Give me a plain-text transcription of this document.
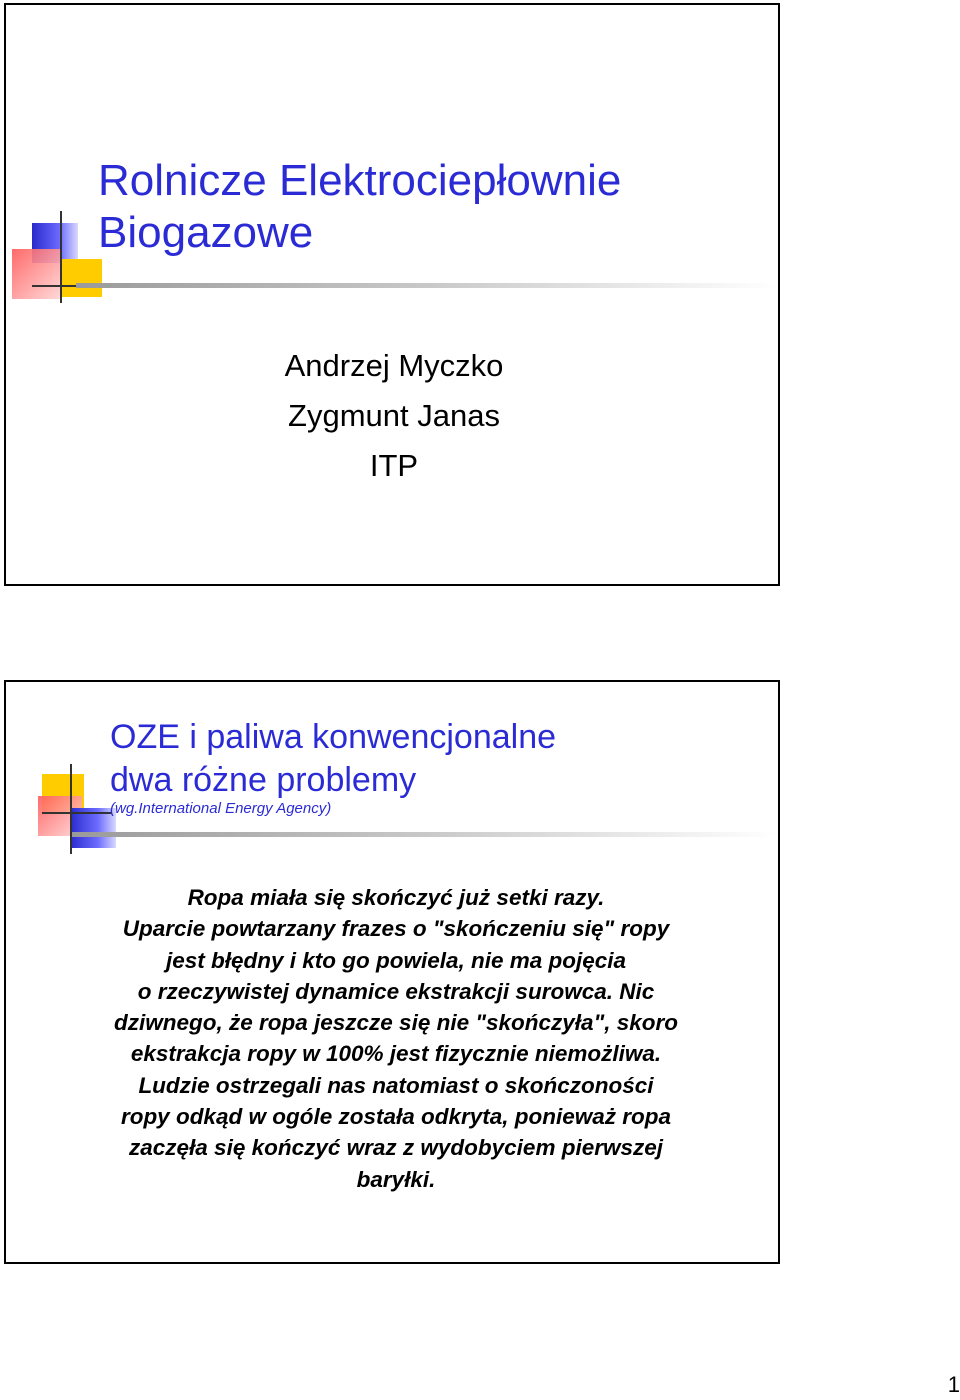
Rolnicze Elektrociepłownie
Biogazowe
Andrzej Myczko
Zygmunt Janas
ITP
OZE i paliwa konwencjonalne
dwa różne problemy
(wg.International Energy Agency)
Ropa miała się skończyć już setki razy.
Uparcie powtarzany frazes o "skończeniu się" ropy
jest błędny i kto go powiela, nie ma pojęcia
o rzeczywistej dynamice ekstrakcji surowca. Nic
dziwnego, że ropa jeszcze się nie "skończyła", skoro
ekstrakcja ropy w 100% jest fizycznie niemożliwa.
Ludzie ostrzegali nas natomiast o skończoności
ropy odkąd w ogóle została odkryta, ponieważ ropa
zaczęła się kończyć wraz z wydobyciem pierwszej
baryłki.
1
